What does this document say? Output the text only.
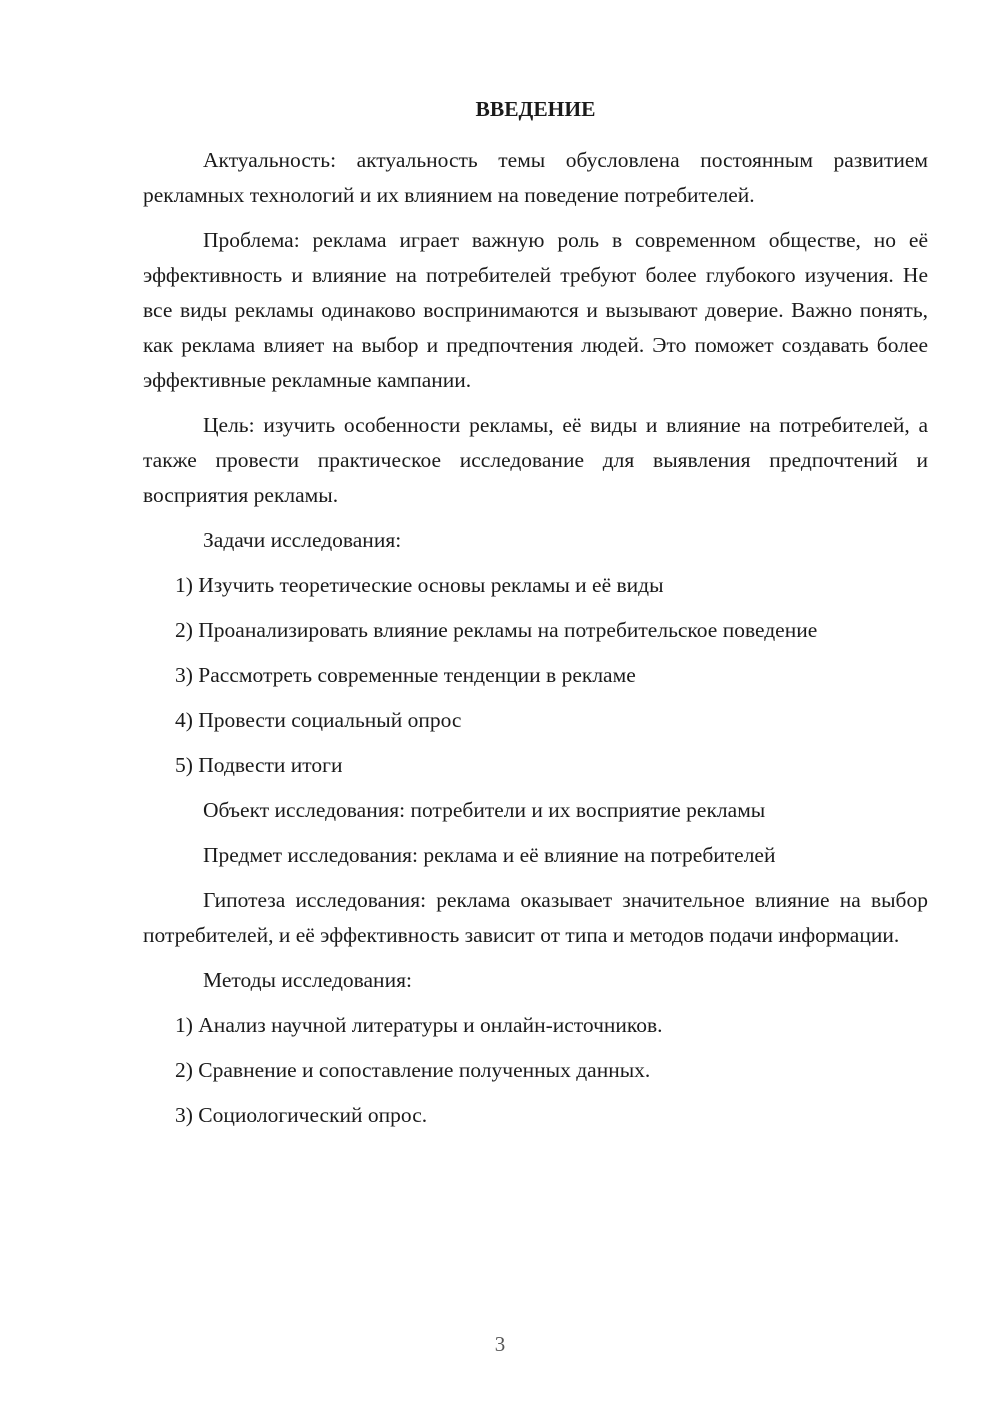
ВВЕДЕНИЕ

Актуальность: актуальность темы обусловлена постоянным развитием рекламных технологий и их влиянием на поведение потребителей.

Проблема: реклама играет важную роль в современном обществе, но её эффективность и влияние на потребителей требуют более глубокого изучения. Не все виды рекламы одинаково воспринимаются и вызывают доверие. Важно понять, как реклама влияет на выбор и предпочтения людей. Это поможет создавать более эффективные рекламные кампании.

Цель: изучить особенности рекламы, её виды и влияние на потребителей, а также провести практическое исследование для выявления предпочтений и восприятия рекламы.

Задачи исследования:

1) Изучить теоретические основы рекламы и её виды

2) Проанализировать влияние рекламы на потребительское поведение

3) Рассмотреть современные тенденции в рекламе

4) Провести социальный опрос

5) Подвести итоги

Объект исследования: потребители и их восприятие рекламы

Предмет исследования: реклама и её влияние на потребителей

Гипотеза исследования: реклама оказывает значительное влияние на выбор потребителей, и её эффективность зависит от типа и методов подачи информации.

Методы исследования:

1) Анализ научной литературы и онлайн-источников.

2) Сравнение и сопоставление полученных данных.

3) Социологический опрос.

3
